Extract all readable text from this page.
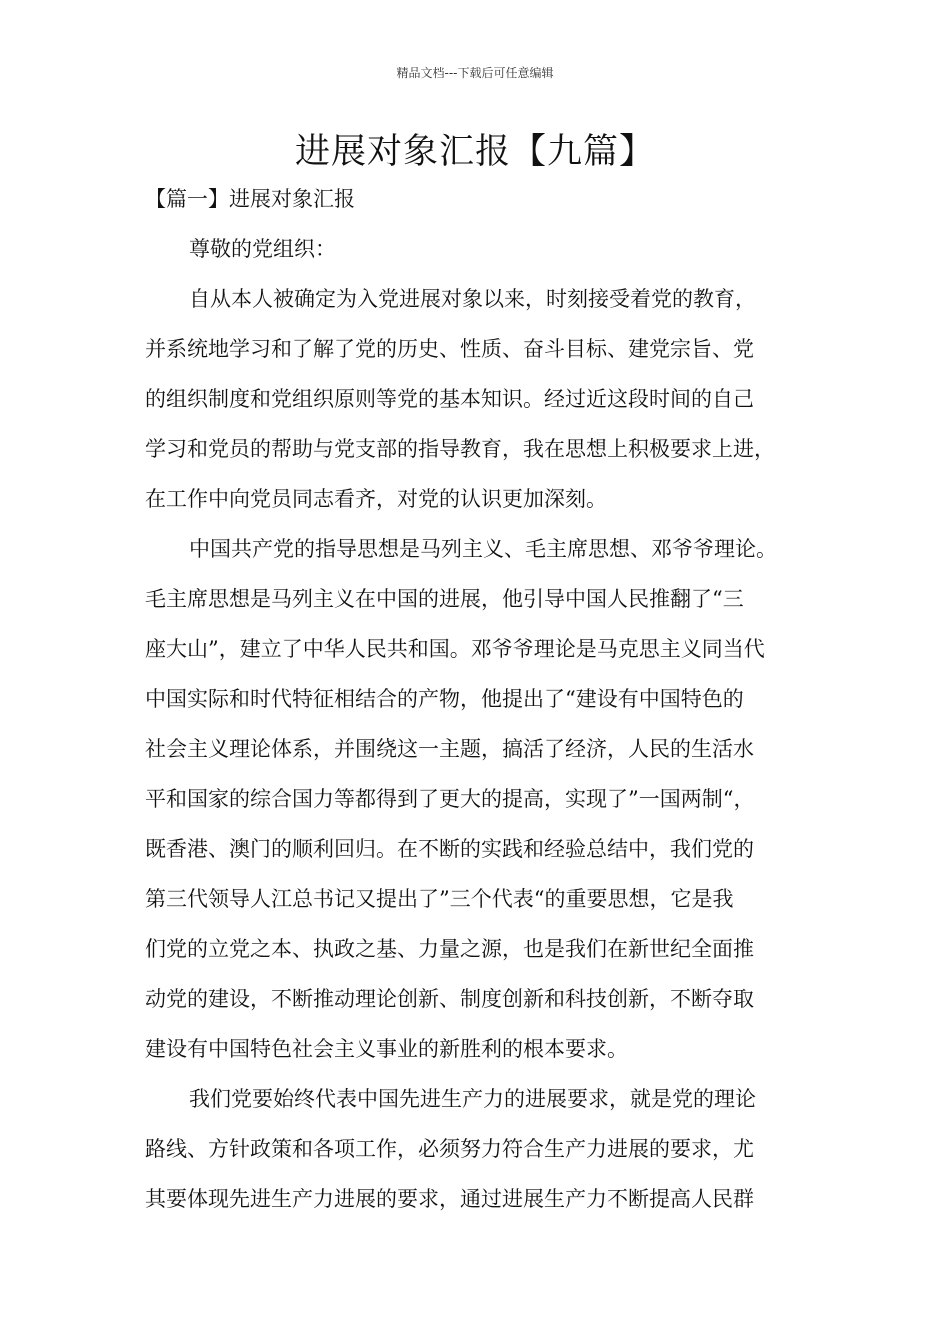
精品文档---下载后可任意编辑
进展对象汇报【九篇】
【篇一】进展对象汇报
尊敬的党组织：
自从本人被确定为入党进展对象以来，时刻接受着党的教育，
并系统地学习和了解了党的历史、性质、奋斗目标、建党宗旨、党
的组织制度和党组织原则等党的基本知识。经过近这段时间的自己
学习和党员的帮助与党支部的指导教育，我在思想上积极要求上进，
在工作中向党员同志看齐，对党的认识更加深刻。
中国共产党的指导思想是马列主义、毛主席思想、邓爷爷理论。
毛主席思想是马列主义在中国的进展，他引导中国人民推翻了“三
座大山”，建立了中华人民共和国。邓爷爷理论是马克思主义同当代
中国实际和时代特征相结合的产物，他提出了“建设有中国特色的
社会主义理论体系，并围绕这一主题，搞活了经济，人民的生活水
平和国家的综合国力等都得到了更大的提高，实现了”一国两制“，
既香港、澳门的顺利回归。在不断的实践和经验总结中，我们党的
第三代领导人江总书记又提出了”三个代表“的重要思想，它是我
们党的立党之本、执政之基、力量之源，也是我们在新世纪全面推
动党的建设，不断推动理论创新、制度创新和科技创新，不断夺取
建设有中国特色社会主义事业的新胜利的根本要求。
我们党要始终代表中国先进生产力的进展要求，就是党的理论
路线、方针政策和各项工作，必须努力符合生产力进展的要求，尤
其要体现先进生产力进展的要求，通过进展生产力不断提高人民群
